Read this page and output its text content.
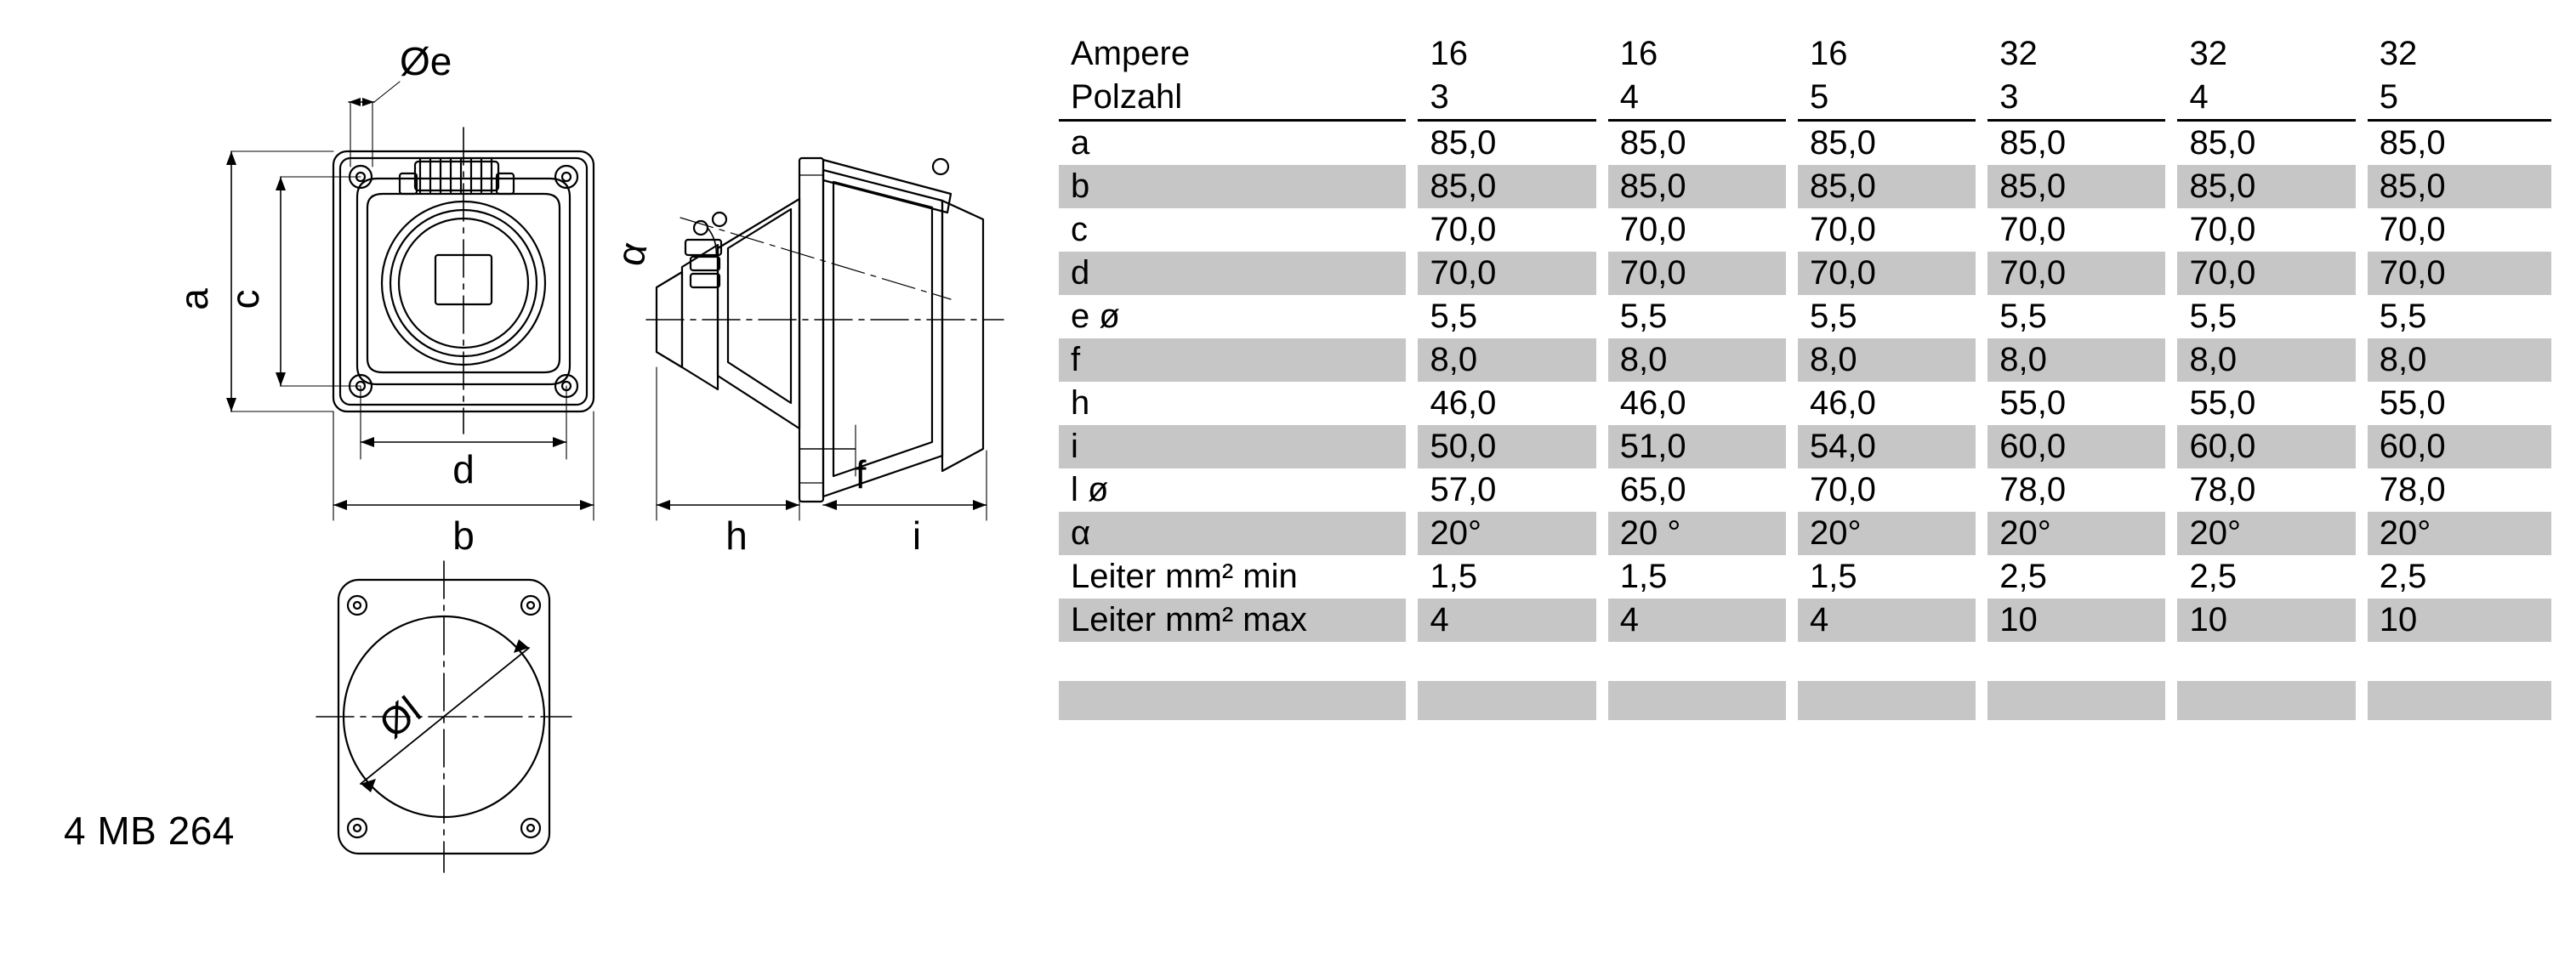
Øe
a c
d
b
α
f
h	i
Øl
4 MB 264
Ampere	16	16	16	32	32	32
Polzahl	3	4	5	3	4	5
a	85,0	85,0	85,0	85,0	85,0	85,0
b	85,0	85,0	85,0	85,0	85,0	85,0
c	70,0	70,0	70,0	70,0	70,0	70,0
d	70,0	70,0	70,0	70,0	70,0	70,0
e ø	5,5	5,5	5,5	5,5	5,5	5,5
f	8,0	8,0	8,0	8,0	8,0	8,0
h	46,0	46,0	46,0	55,0	55,0	55,0
i	50,0	51,0	54,0	60,0	60,0	60,0
l ø	57,0	65,0	70,0	78,0	78,0	78,0
α	20°	20 °	20°	20°	20°	20°
Leiter mm² min	1,5	1,5	1,5	2,5	2,5	2,5
Leiter mm² max	4	4	4	10	10	10
